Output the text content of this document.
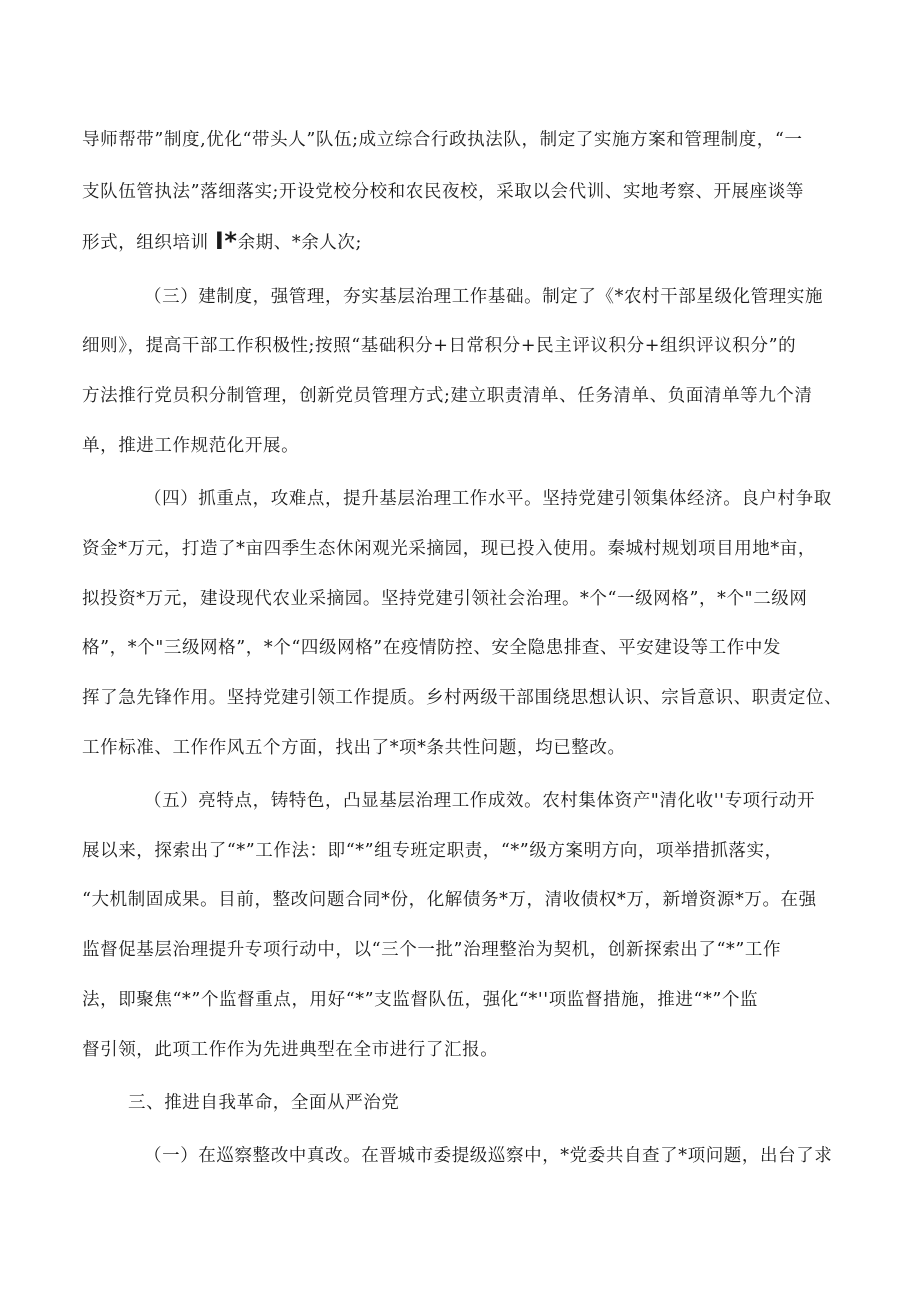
导师帮带”制度,优化“带头人”队伍;成立综合行政执法队，制定了实施方案和管理制度，“一
支队伍管执法”落细落实;开设党校分校和农民夜校，采取以会代训、实地考察、开展座谈等
形式，组织培训 I*余期、*余人次;
（三）建制度，强管理，夯实基层治理工作基础。制定了《*农村干部星级化管理实施
细则》，提高干部工作积极性;按照“基础积分+日常积分+民主评议积分+组织评议积分”的
方法推行党员积分制管理，创新党员管理方式;建立职责清单、任务清单、负面清单等九个清
单，推进工作规范化开展。
（四）抓重点，攻难点，提升基层治理工作水平。坚持党建引领集体经济。良户村争取
资金*万元，打造了*亩四季生态休闲观光采摘园，现已投入使用。秦城村规划项目用地*亩，
拟投资*万元，建设现代农业采摘园。坚持党建引领社会治理。*个“一级网格”，*个"二级网
格”，*个"三级网格”，*个“四级网格”在疫情防控、安全隐患排查、平安建设等工作中发
挥了急先锋作用。坚持党建引领工作提质。乡村两级干部围绕思想认识、宗旨意识、职责定位、
工作标准、工作作风五个方面，找出了*项*条共性问题，均已整改。
（五）亮特点，铸特色，凸显基层治理工作成效。农村集体资产"清化收''专项行动开
展以来，探索出了“*”工作法：即“*”组专班定职责，“*”级方案明方向，项举措抓落实，
“大机制固成果。目前，整改问题合同*份，化解债务*万，清收债权*万，新增资源*万。在强
监督促基层治理提升专项行动中，以“三个一批”治理整治为契机，创新探索出了“*”工作
法，即聚焦“*”个监督重点，用好“*”支监督队伍，强化“*''项监督措施，推进“*”个监
督引领，此项工作作为先进典型在全市进行了汇报。
三、推进自我革命，全面从严治党
（一）在巡察整改中真改。在晋城市委提级巡察中，*党委共自查了*项问题，出台了求
